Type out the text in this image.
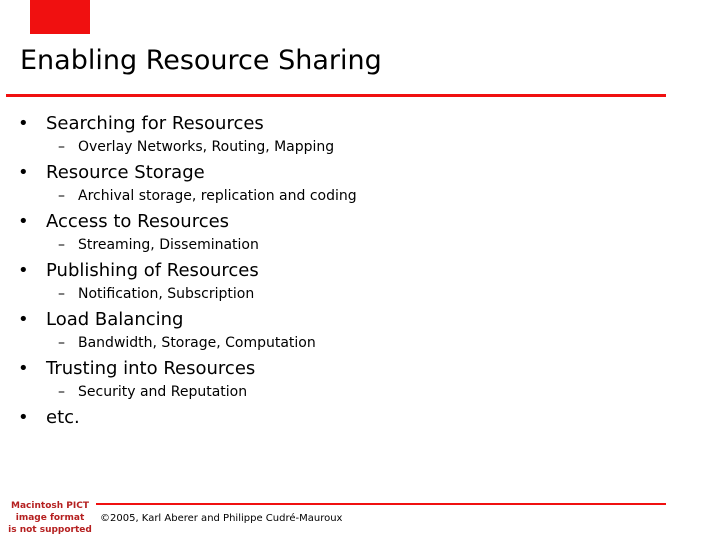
Enabling Resource Sharing
• Searching for Resources
– Overlay Networks, Routing, Mapping
• Resource Storage
– Archival storage, replication and coding
• Access to Resources
– Streaming, Dissemination
• Publishing of Resources
– Notification, Subscription
• Load Balancing
– Bandwidth, Storage, Computation
• Trusting into Resources
– Security and Reputation
• etc.
Macintosh PICT
image format
is not supported
©2005, Karl Aberer and Philippe Cudré-Mauroux
